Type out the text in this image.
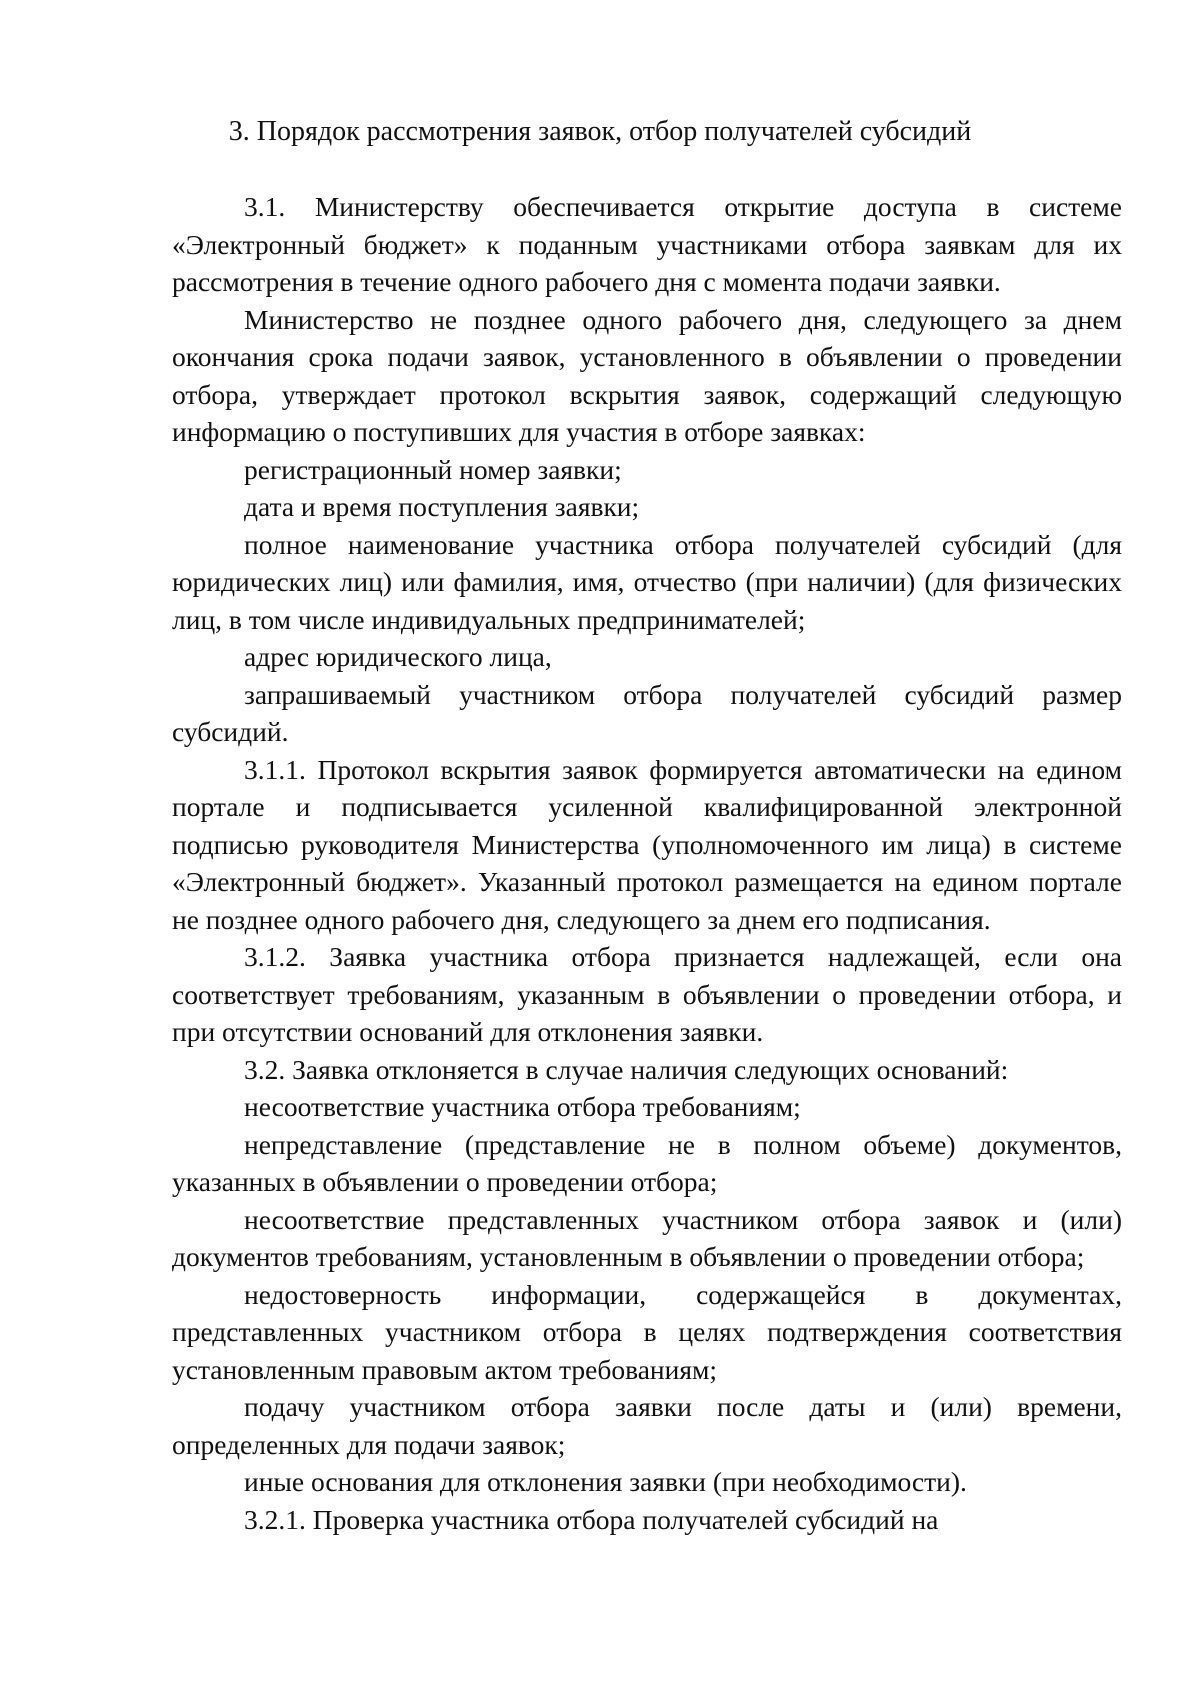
3. Порядок рассмотрения заявок, отбор получателей субсидий

3.1. Министерству обеспечивается открытие доступа в системе «Электронный бюджет» к поданным участниками отбора заявкам для их рассмотрения в течение одного рабочего дня с момента подачи заявки.

Министерство не позднее одного рабочего дня, следующего за днем окончания срока подачи заявок, установленного в объявлении о проведении отбора, утверждает протокол вскрытия заявок, содержащий следующую информацию о поступивших для участия в отборе заявках:

регистрационный номер заявки;

дата и время поступления заявки;

полное наименование участника отбора получателей субсидий (для юридических лиц) или фамилия, имя, отчество (при наличии) (для физических лиц, в том числе индивидуальных предпринимателей;

адрес юридического лица,

запрашиваемый участником отбора получателей субсидий размер субсидий.

3.1.1. Протокол вскрытия заявок формируется автоматически на едином портале и подписывается усиленной квалифицированной электронной подписью руководителя Министерства (уполномоченного им лица) в системе «Электронный бюджет». Указанный протокол размещается на едином портале не позднее одного рабочего дня, следующего за днем его подписания.

3.1.2. Заявка участника отбора признается надлежащей, если она соответствует требованиям, указанным в объявлении о проведении отбора, и при отсутствии оснований для отклонения заявки.

3.2. Заявка отклоняется в случае наличия следующих оснований:

несоответствие участника отбора требованиям;

непредставление (представление не в полном объеме) документов, указанных в объявлении о проведении отбора;

несоответствие представленных участником отбора заявок и (или) документов требованиям, установленным в объявлении о проведении отбора;

недостоверность информации, содержащейся в документах, представленных участником отбора в целях подтверждения соответствия установленным правовым актом требованиям;

подачу участником отбора заявки после даты и (или) времени, определенных для подачи заявок;

иные основания для отклонения заявки (при необходимости).

3.2.1. Проверка участника отбора получателей субсидий на
